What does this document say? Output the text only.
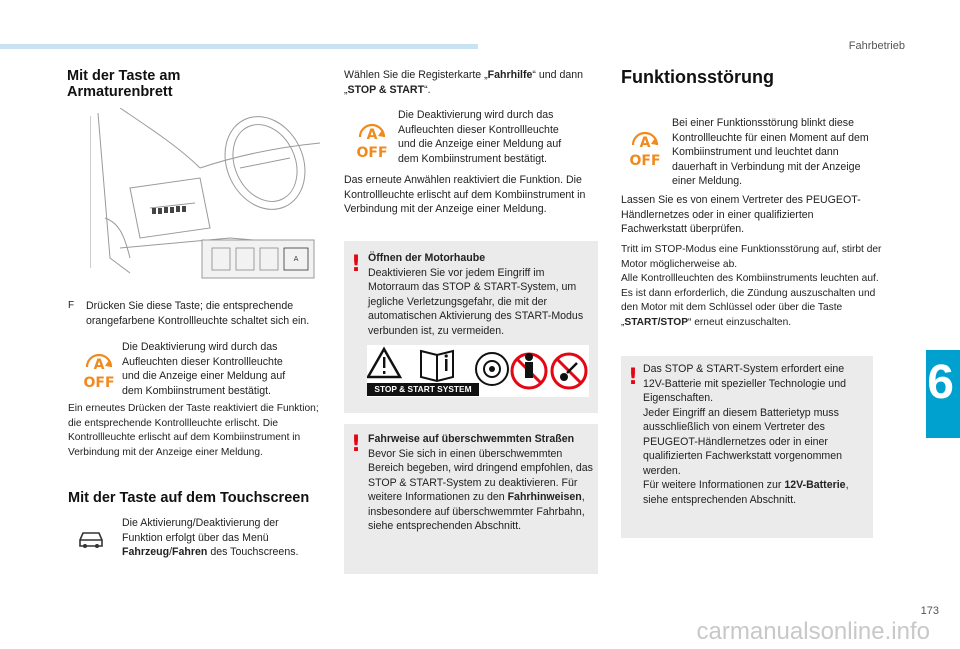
Fahrbetrieb
6
173
carmanualsonline.info
Mit der Taste am Armaturenbrett
A
F	Drücken Sie diese Taste; die entsprechende orangefarbene Kontrollleuchte schaltet sich ein.

A
OFF

Die Deaktivierung wird durch das Aufleuchten dieser Kontrollleuchte und die Anzeige einer Meldung auf dem Kombiinstrument bestätigt.

Ein erneutes Drücken der Taste reaktiviert die Funktion; die entsprechende Kontrollleuchte erlischt. Die Kontrollleuchte erlischt auf dem Kombiinstrument in Verbindung mit der Anzeige einer Meldung.

Mit der Taste auf dem Touchscreen

Die Aktivierung/Deaktivierung der Funktion erfolgt über das Menü Fahrzeug/Fahren des Touchscreens.

Wählen Sie die Registerkarte „Fahrhilfe“ und dann „STOP & START“.

A
OFF

Die Deaktivierung wird durch das Aufleuchten dieser Kontrollleuchte und die Anzeige einer Meldung auf dem Kombiinstrument bestätigt.

Das erneute Anwählen reaktiviert die Funktion. Die Kontrollleuchte erlischt auf dem Kombiinstrument in Verbindung mit der Anzeige einer Meldung.

! Öffnen der Motorhaube

Deaktivieren Sie vor jedem Eingriff im Motorraum das STOP & START-System, um jegliche Verletzungsgefahr, die mit der automatischen Aktivierung des START-Modus verbunden ist, zu vermeiden.

STOP & START SYSTEM
! Fahrweise auf überschwemmten Straßen

Bevor Sie sich in einen überschwemmten Bereich begeben, wird dringend empfohlen, das STOP & START-System zu deaktivieren. Für weitere Informationen zu den Fahrhinweisen, insbesondere auf überschwemmter Fahrbahn, siehe entsprechenden Abschnitt.

Funktionsstörung
A
OFF

Bei einer Funktionsstörung blinkt diese Kontrollleuchte für einen Moment auf dem Kombiinstrument und leuchtet dann dauerhaft in Verbindung mit der Anzeige einer Meldung.

Lassen Sie es von einem Vertreter des PEUGEOT-Händlernetzes oder in einer qualifizierten Fachwerkstatt überprüfen.

Tritt im STOP-Modus eine Funktionsstörung auf, stirbt der Motor möglicherweise ab.

Alle Kontrollleuchten des Kombiinstruments leuchten auf.

Es ist dann erforderlich, die Zündung auszuschalten und den Motor mit dem Schlüssel oder über die Taste „START/STOP“ erneut einzuschalten.

! Das STOP & START-System erfordert eine 12V-Batterie mit spezieller Technologie und Eigenschaften.

Jeder Eingriff an diesem Batterietyp muss ausschließlich von einem Vertreter des PEUGEOT-Händlernetzes oder in einer qualifizierten Fachwerkstatt vorgenommen werden.

Für weitere Informationen zur 12V-Batterie, siehe entsprechenden Abschnitt.
